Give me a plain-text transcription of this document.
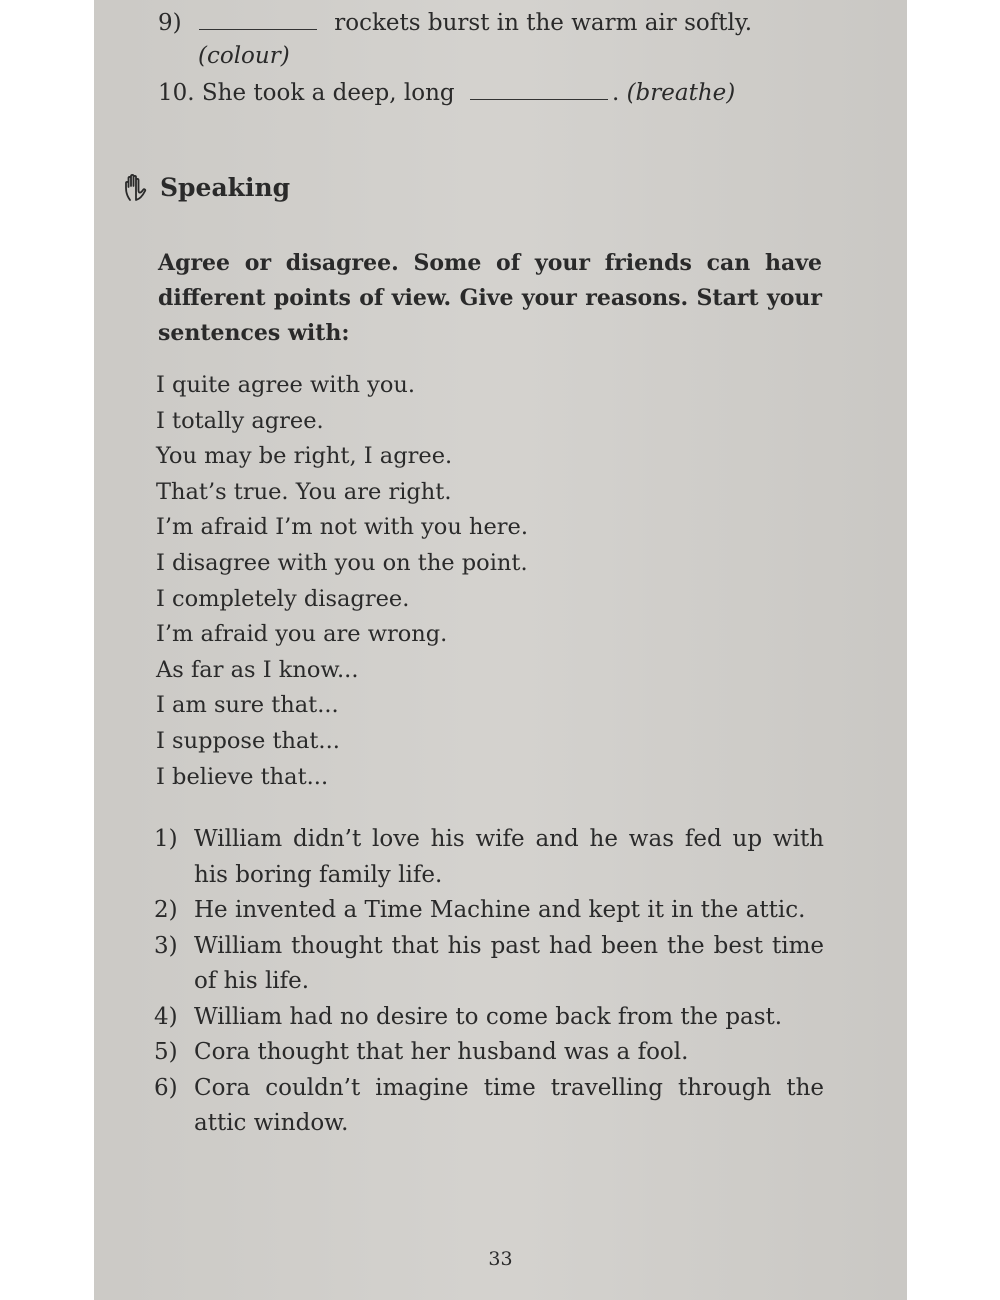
9)	rockets burst in the warm air softly.
(colour)
10. She took a deep, long	. (breathe)
Speaking
Agree or disagree. Some of your friends can have different points of view. Give your reasons. Start your sentences with:
I quite agree with you.
I totally agree.
You may be right, I agree.
That’s true. You are right.
I’m afraid I’m not with you here.
I disagree with you on the point.
I completely disagree.
I’m afraid you are wrong.
As far as I know...
I am sure that...
I suppose that...
I believe that...
1) William didn’t love his wife and he was fed up with his boring family life.
2) He invented a Time Machine and kept it in the attic.
3) William thought that his past had been the best time of his life.
4) William had no desire to come back from the past.
5) Cora thought that her husband was a fool.
6) Cora couldn’t imagine time travelling through the attic window.
33
